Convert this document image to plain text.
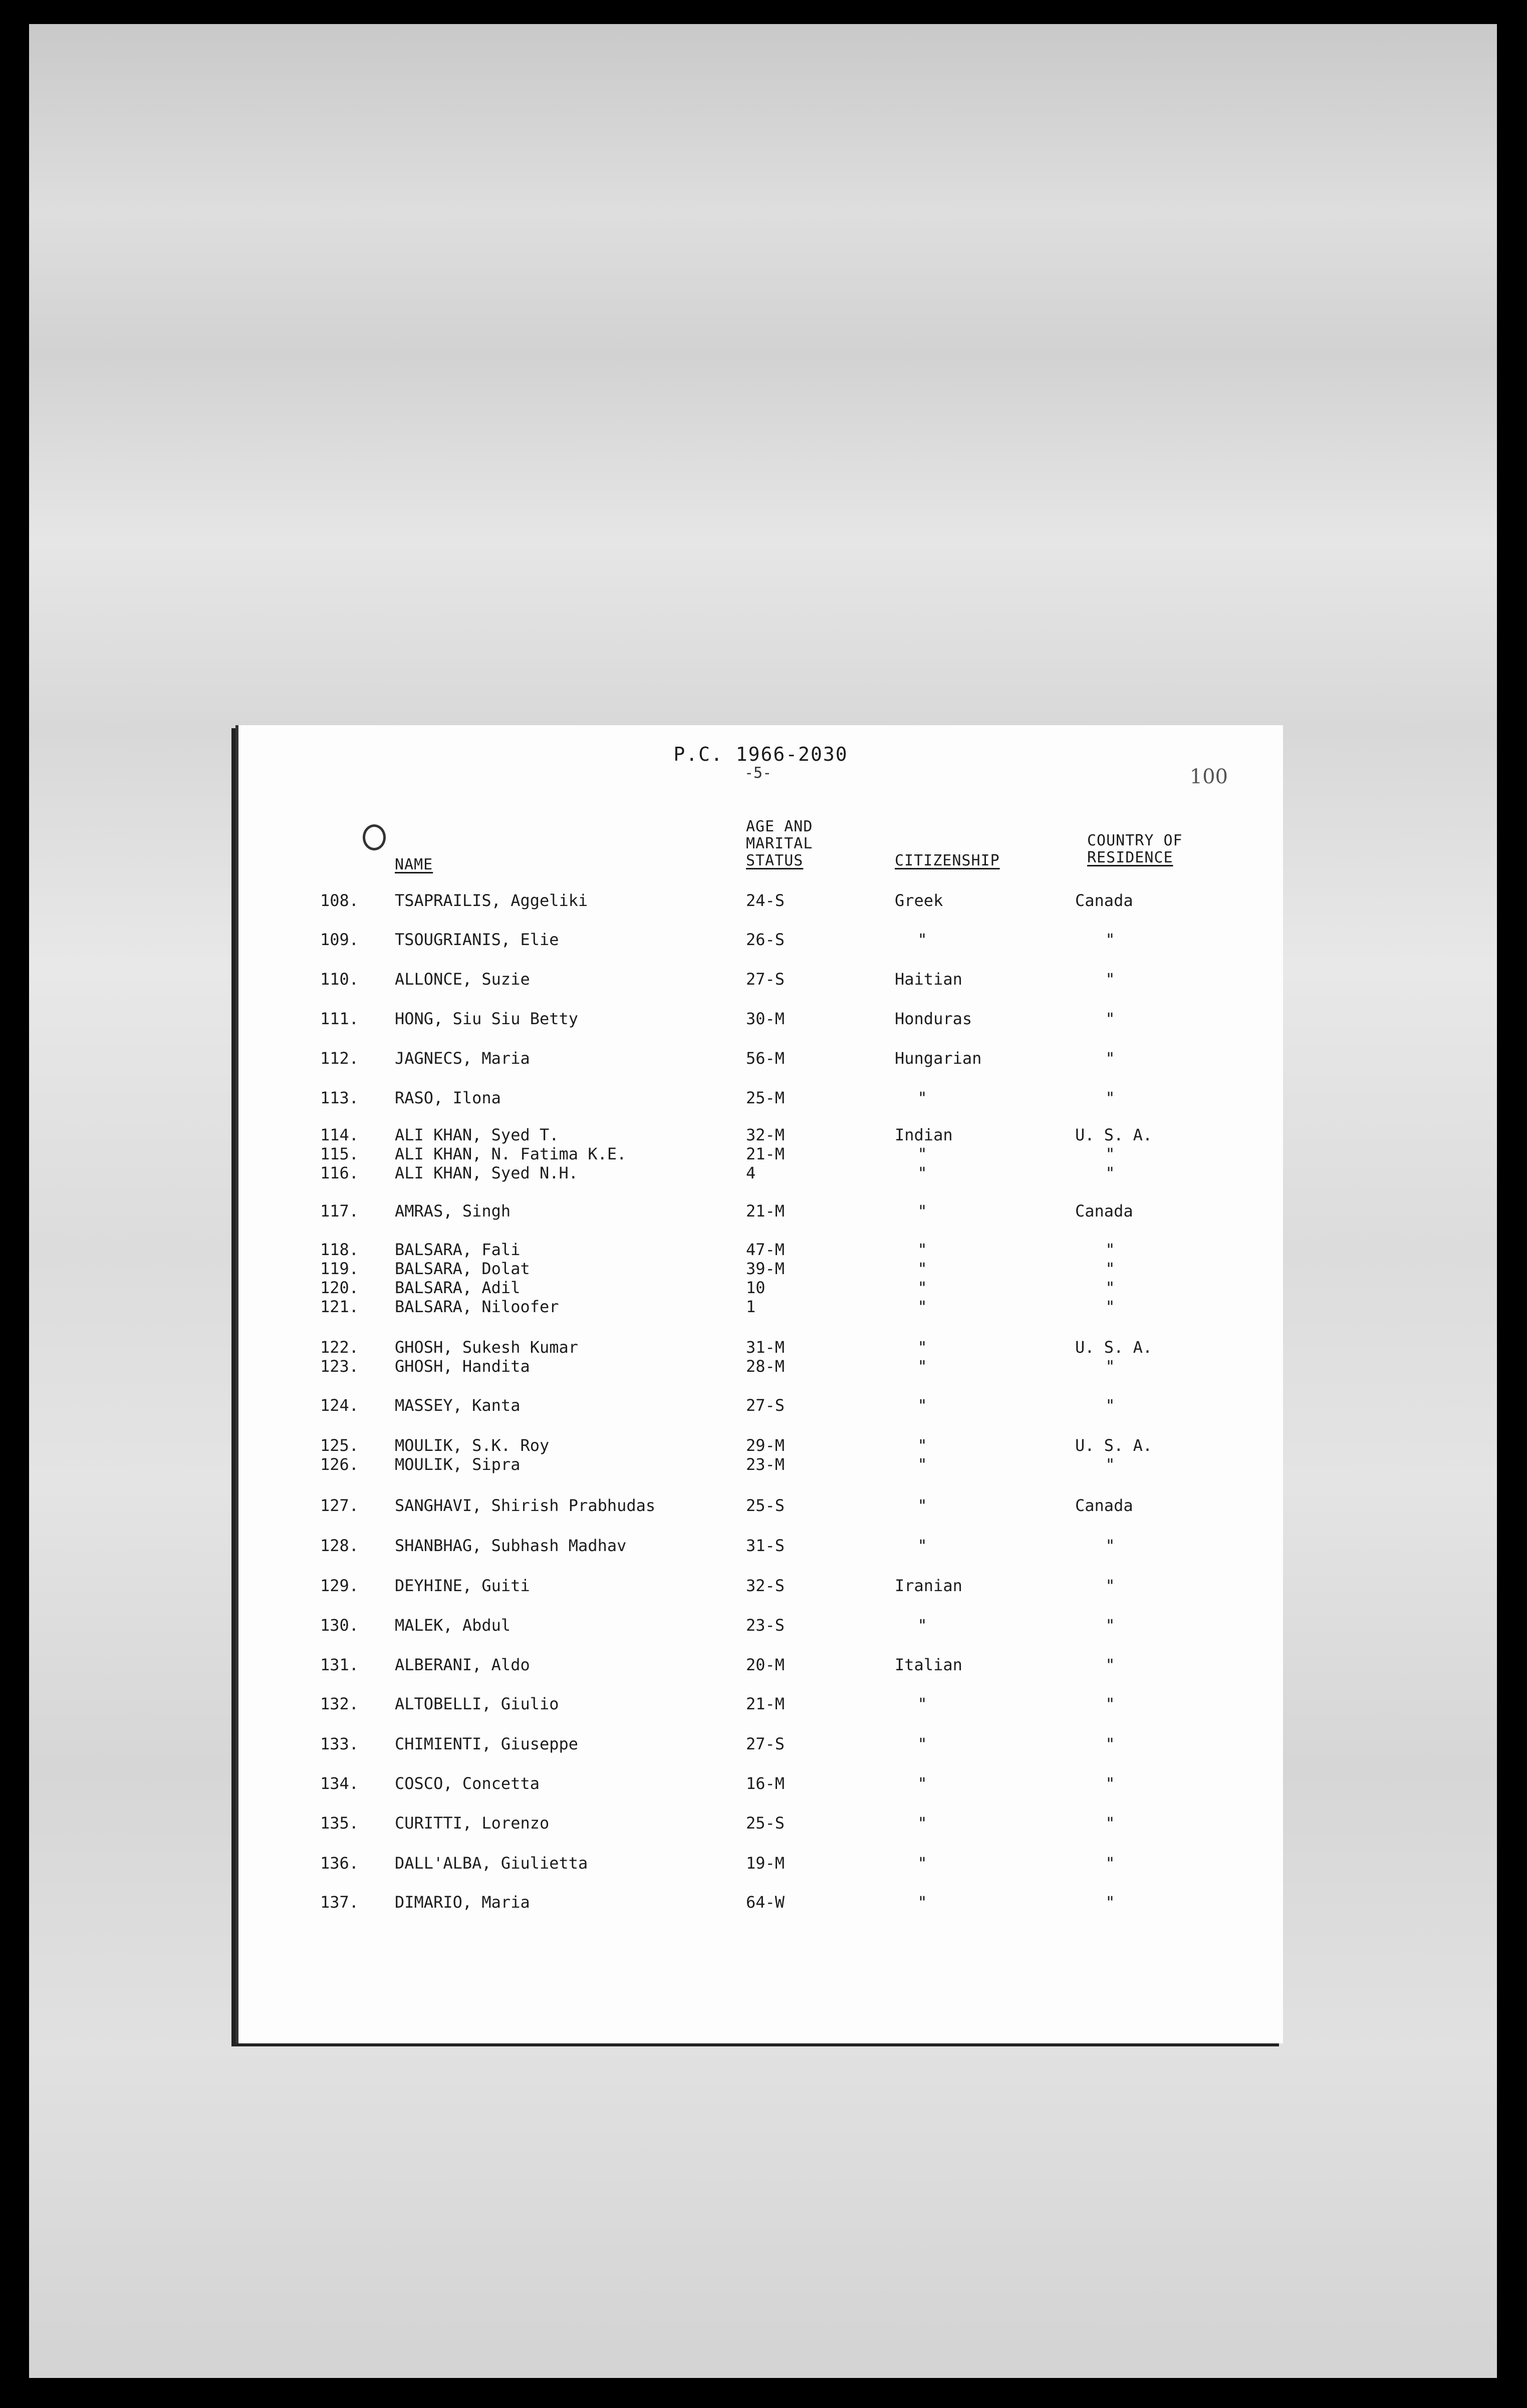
P.C. 1966-2030
-5-	100
NAME
AGE AND
MARITAL
STATUS	CITIZENSHIP
COUNTRY OF
RESIDENCE
108. TSAPRAILIS, Aggeliki	24-S	Greek	Canada
109. TSOUGRIANIS, Elie	26-S	"	"
110. ALLONCE, Suzie	27-S	Haitian	"
111. HONG, Siu Siu Betty	30-M	Honduras	"
112. JAGNECS, Maria	56-M	Hungarian	"
113. RASO, Ilona	25-M	"	"
114. ALI KHAN, Syed T.	32-M	Indian	U. S. A.
115. ALI KHAN, N. Fatima K.E.	21-M	"	"
116. ALI KHAN, Syed N.H.	4	"	"
117. AMRAS, Singh	21-M	"	Canada
118. BALSARA, Fali	47-M	"	"
119. BALSARA, Dolat	39-M	"	"
120. BALSARA, Adil	10	"	"
121. BALSARA, Niloofer	1	"	"
122. GHOSH, Sukesh Kumar	31-M	"	U. S. A.
123. GHOSH, Handita	28-M	"	"
124. MASSEY, Kanta	27-S	"	"
125. MOULIK, S.K. Roy	29-M	"	U. S. A.
126. MOULIK, Sipra	23-M	"	"
127. SANGHAVI, Shirish Prabhudas	25-S	"	Canada
128. SHANBHAG, Subhash Madhav	31-S	"	"
129. DEYHINE, Guiti	32-S	Iranian	"
130. MALEK, Abdul	23-S	"	"
131. ALBERANI, Aldo	20-M	Italian	"
132. ALTOBELLI, Giulio	21-M	"	"
133. CHIMIENTI, Giuseppe	27-S	"	"
134. COSCO, Concetta	16-M	"	"
135. CURITTI, Lorenzo	25-S	"	"
136. DALL'ALBA, Giulietta	19-M	"	"
137. DIMARIO, Maria	64-W	"	"
